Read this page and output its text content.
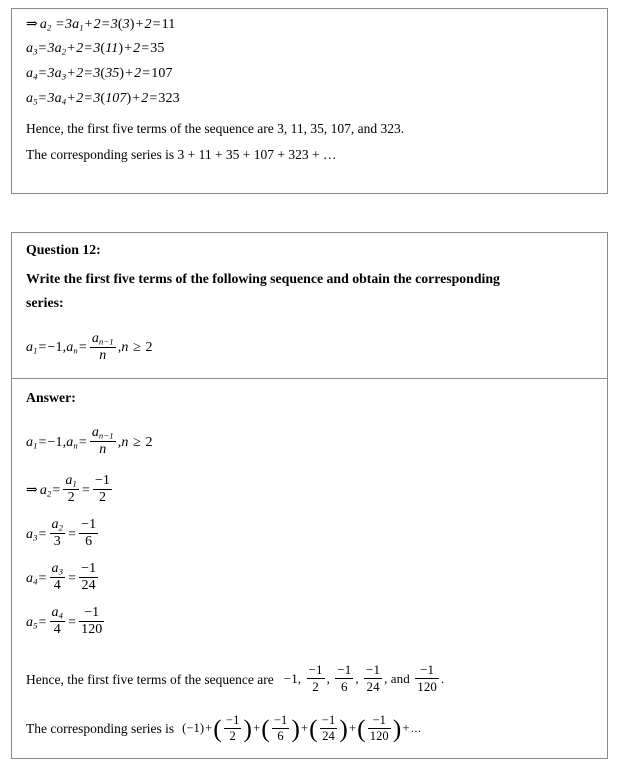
⇒ $a_2 =3a_1+2=3(3)+2=11$
$a_3=3a_2+2=3(11)+2=35$
$a_4=3a_3+2=3(35)+2=107$
$a_5=3a_4+2=3(107)+2=323$
Hence, the first five terms of the sequence are 3, 11, 35, 107, and 323.
The corresponding series is 3 + 11 + 35 + 107 + 323 + …
Question 12:
Write the first five terms of the following sequence and obtain the corresponding
series:
$a_1=-1,a_n= \frac{a_{n-1}}{n} ,n \ge 2$
Answer:
$a_1=-1,a_n= \frac{a_{n-1}}{n} ,n \ge 2$
⇒ $a_2= \frac{a_1}{2} = \frac{-1}{2}$
$a_3= \frac{a_2}{3} = \frac{-1}{6}$
$a_4= \frac{a_3}{4} = \frac{-1}{24}$
$a_5= \frac{a_4}{4} = \frac{-1}{120}$
Hence, the first five terms of the sequence are −1, $\frac{-1}{2}$ , $\frac{-1}{6}$ , $\frac{-1}{24}$ , and $\frac{-1}{120}$ .
The corresponding series is $(-1)+( \frac{-1}{2}$ )+( $\frac{-1}{6}$ )+( $\frac{-1}{24}$ )+( $\frac{-1}{120}$ )+…
